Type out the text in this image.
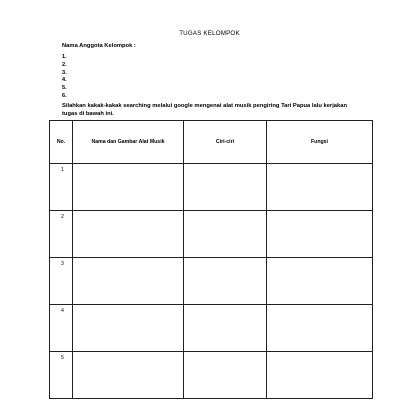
TUGAS KELOMPOK
Nama Anggota Kelompok :
1.
2.
3.
4.
5.
6.
Silahkan kakak-kakak searching melalui google mengenai alat musik pengiring Tari Papua lalu kerjakan tugas di bawah ini.
No.	Nama dan Gambar Alat Musik	Ciri-ciri	Fungsi
1			
2			
3			
4			
5			
